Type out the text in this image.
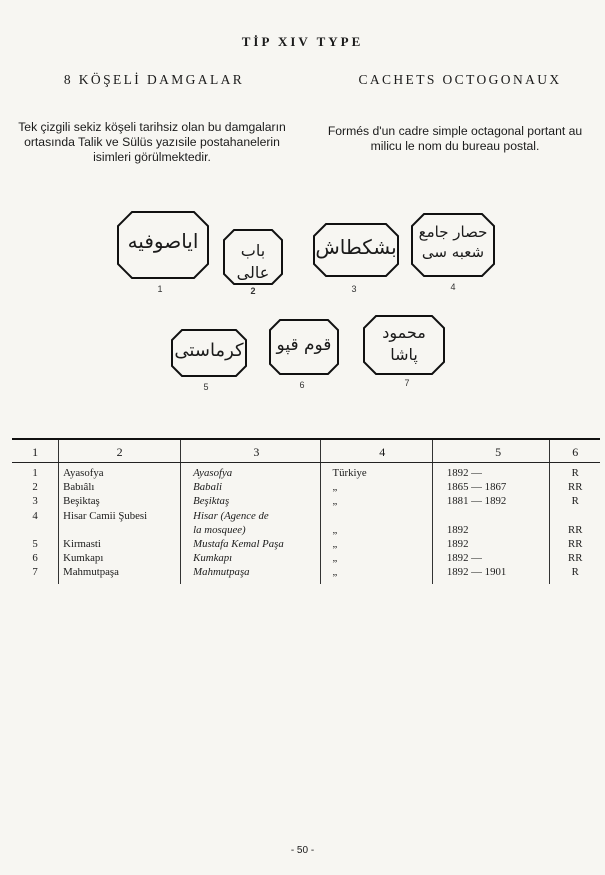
TİP XIV TYPE
8 KÖŞELİ DAMGALAR	CACHETS OCTOGONAUX
Tek çizgili sekiz köşeli tarihsiz olan bu damgaların ortasında Talik ve Sülüs yazısile postahanelerin isimleri görülmektedir.
Formés d'un cadre simple octagonal portant au milicu le nom du bureau postal.
ایاصوفیه
1
باب عالی
2
بشکطاش
3
حصار جامع شعبه سی
4
کرماستی
5
قوم قپو
6
محمود پاشا
7
1	2	3	4	5	6
1	Ayasofya	Ayasofya	Türkiye	1892 —	R
2	Babıâlı	Babali	„	1865 — 1867	RR
3	Beşiktaş	Beşiktaş	„	1881 — 1892	R
4	Hisar Camii Şubesi	Hisar (Agence de			
		la mosquee)	„	1892	RR
5	Kirmasti	Mustafa Kemal Paşa	„	1892	RR
6	Kumkapı	Kumkapı	„	1892 —	RR
7	Mahmutpaşa	Mahmutpaşa	„	1892 — 1901	R
- 50 -
